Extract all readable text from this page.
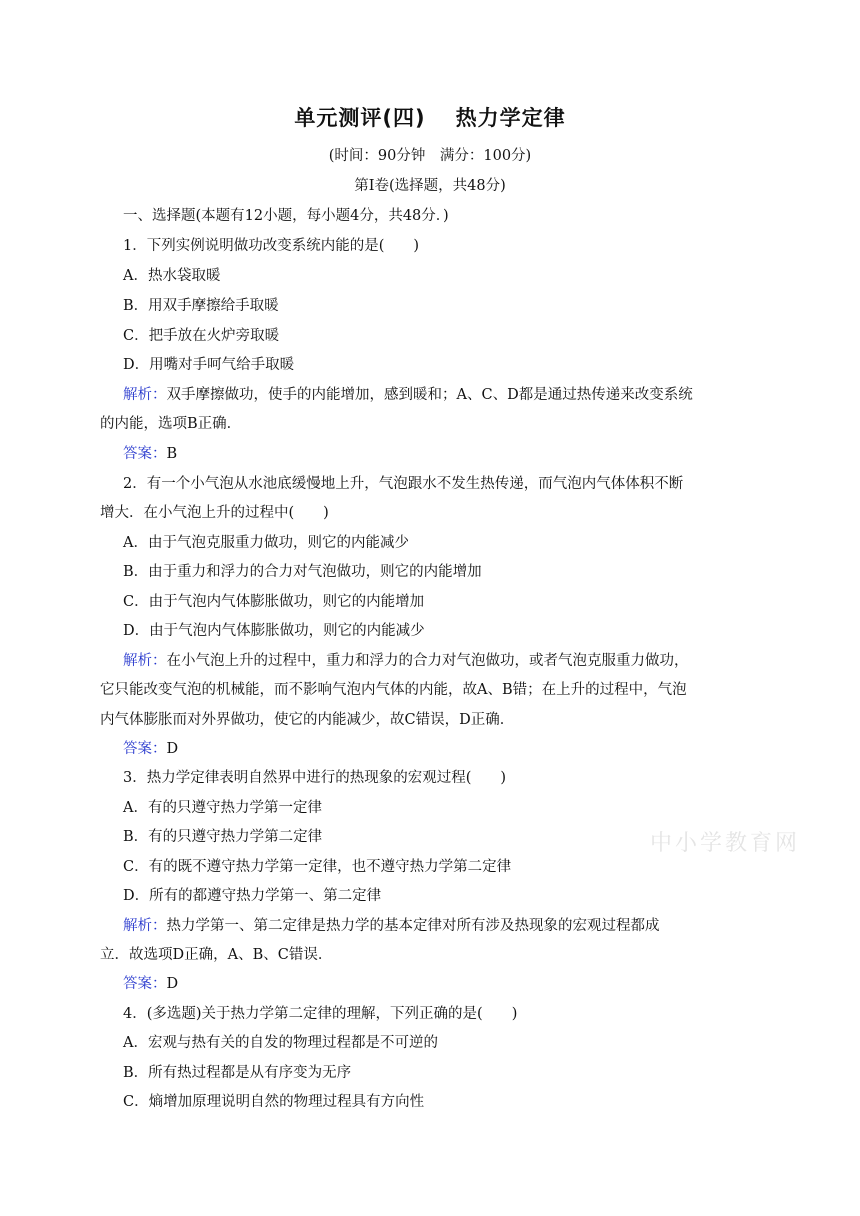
单元测评(四) 热力学定律
(时间：90分钟　满分：100分)
第Ⅰ卷(选择题，共48分)
一、选择题(本题有12小题，每小题4分，共48分．)
1．下列实例说明做功改变系统内能的是(　　)
A．热水袋取暖
B．用双手摩擦给手取暖
C．把手放在火炉旁取暖
D．用嘴对手呵气给手取暖
解析：双手摩擦做功，使手的内能增加，感到暖和；A、C、D都是通过热传递来改变系统
的内能，选项B正确．
答案：B
2．有一个小气泡从水池底缓慢地上升，气泡跟水不发生热传递，而气泡内气体体积不断
增大．在小气泡上升的过程中(　　)
A．由于气泡克服重力做功，则它的内能减少
B．由于重力和浮力的合力对气泡做功，则它的内能增加
C．由于气泡内气体膨胀做功，则它的内能增加
D．由于气泡内气体膨胀做功，则它的内能减少
解析：在小气泡上升的过程中，重力和浮力的合力对气泡做功，或者气泡克服重力做功，
它只能改变气泡的机械能，而不影响气泡内气体的内能，故A、B错；在上升的过程中，气泡
内气体膨胀而对外界做功，使它的内能减少，故C错误，D正确．
答案：D
3．热力学定律表明自然界中进行的热现象的宏观过程(　　)
A．有的只遵守热力学第一定律
B．有的只遵守热力学第二定律
C．有的既不遵守热力学第一定律，也不遵守热力学第二定律
D．所有的都遵守热力学第一、第二定律
解析：热力学第一、第二定律是热力学的基本定律对所有涉及热现象的宏观过程都成
立．故选项D正确，A、B、C错误．
答案：D
4．(多选题)关于热力学第二定律的理解，下列正确的是(　　)
A．宏观与热有关的自发的物理过程都是不可逆的
B．所有热过程都是从有序变为无序
C．熵增加原理说明自然的物理过程具有方向性
中小学教育网
